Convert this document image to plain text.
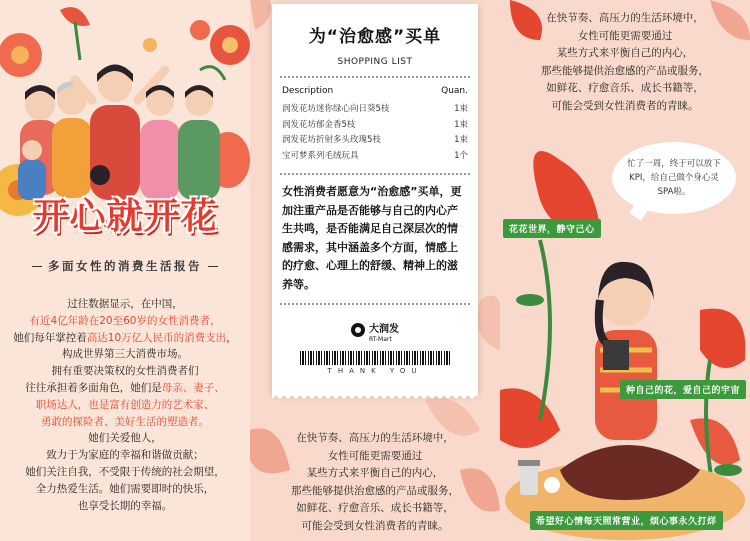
开心就开花
多面女性的消费生活报告
过往数据显示，在中国，
有近4亿年龄在20至60岁的女性消费者，
她们每年掌控着高达10万亿人民币的消费支出，
构成世界第三大消费市场。
拥有重要决策权的女性消费者们
往往承担着多面角色，她们是母亲、妻子、
职场达人，也是富有创造力的艺术家、
勇敢的探险者、美好生活的塑造者。
她们关爱他人，
致力于为家庭的幸福和谐做贡献；
她们关注自我，不受限于传统的社会期望，
全力热爱生活。她们需要即时的快乐，
也享受长期的幸福。
为“治愈感”买单
SHOPPING LIST
Description	Quan.
润发花坊迷你绿心向日葵5枝	1束
润发花坊郁金香5枝	1束
润发花坊折射多头玫瑰5枝	1束
宝可梦系列毛绒玩具	1个
女性消费者愿意为“治愈感”买单，更加注重产品是否能够与自己的内心产生共鸣，是否能满足自己深层次的情感需求，其中涵盖多个方面，情感上的疗愈、心理上的舒缓、精神上的滋养等。
大润发
RT-Mart
THANK YOU
在快节奏、高压力的生活环境中，
女性可能更需要通过
某些方式来平衡自己的内心，
那些能够提供治愈感的产品或服务，
如鲜花、疗愈音乐、成长书籍等，
可能会受到女性消费者的青睐。
在快节奏、高压力的生活环境中，
女性可能更需要通过
某些方式来平衡自己的内心，
那些能够提供治愈感的产品或服务，
如鲜花、疗愈音乐、成长书籍等，
可能会受到女性消费者的青睐。
忙了一周，终于可以放下KPI，给自己做个身心灵SPA啦。
花花世界，静守己心
种自己的花，爱自己的宇宙
希望好心情每天照常营业，烦心事永久打烊
